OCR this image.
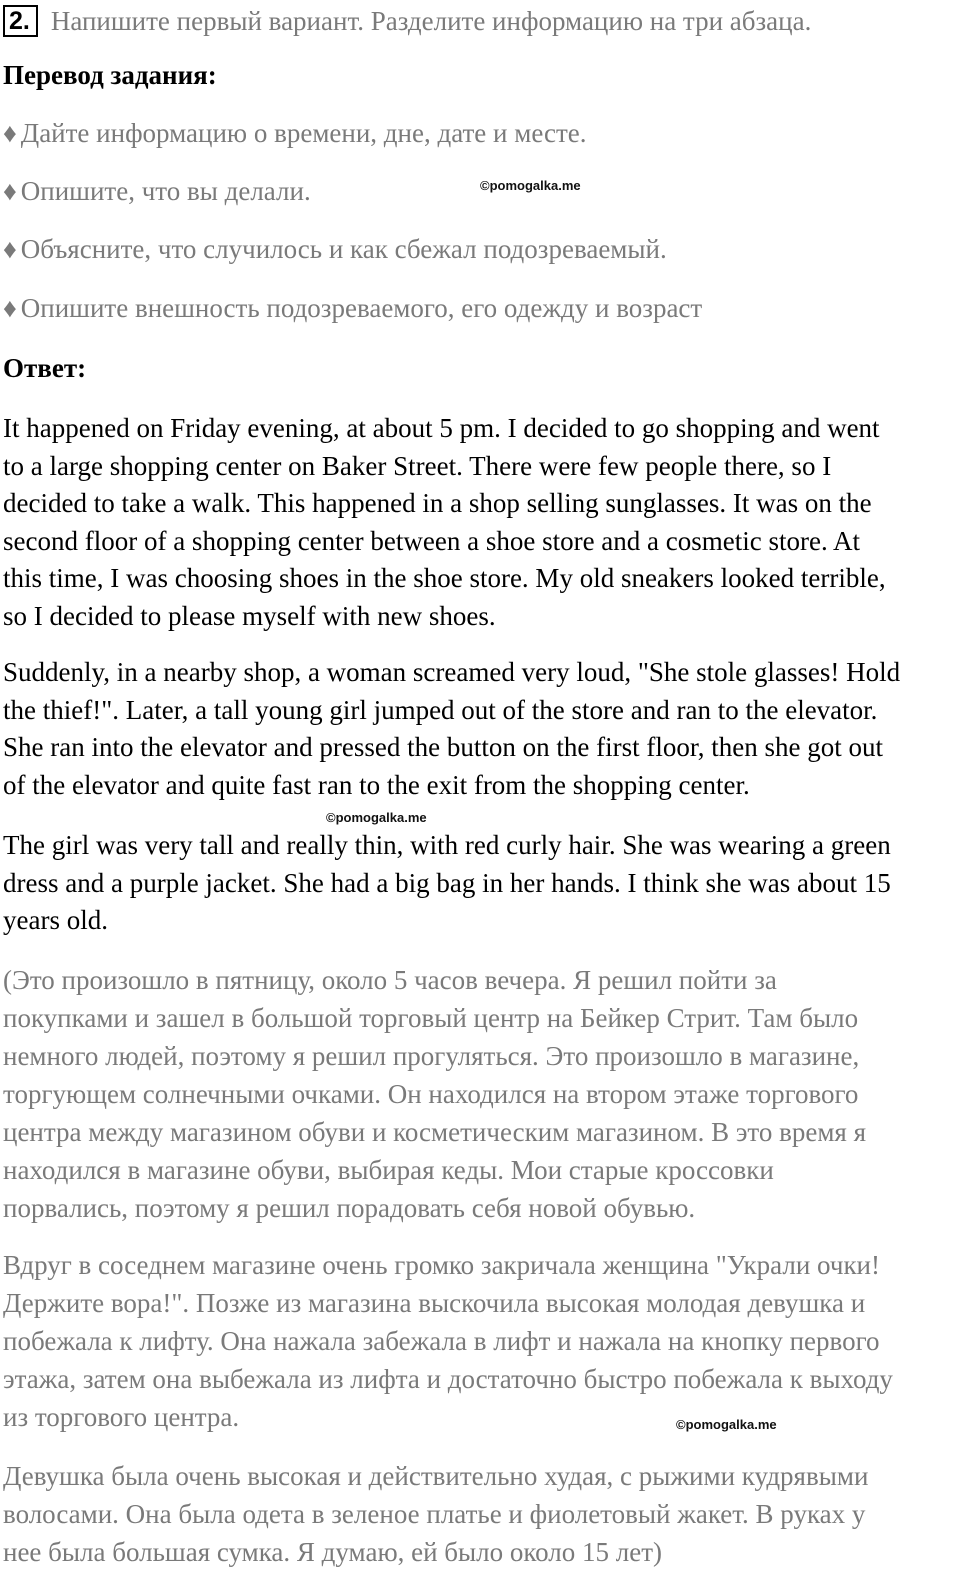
2. Напишите первый вариант. Разделите информацию на три абзаца.
Перевод задания:
♦ Дайте информацию о времени, дне, дате и месте.
♦ Опишите, что вы делали.
♦ Объясните, что случилось и как сбежал подозреваемый.
♦ Опишите внешность подозреваемого, его одежду и возраст
©pomogalka.me
Ответ:
It happened on Friday evening, at about 5 pm. I decided to go shopping and went
to a large shopping center on Baker Street. There were few people there, so I
decided to take a walk. This happened in a shop selling sunglasses. It was on the
second floor of a shopping center between a shoe store and a cosmetic store. At
this time, I was choosing shoes in the shoe store. My old sneakers looked terrible,
so I decided to please myself with new shoes.
Suddenly, in a nearby shop, a woman screamed very loud, "She stole glasses! Hold
the thief!". Later, a tall young girl jumped out of the store and ran to the elevator.
She ran into the elevator and pressed the button on the first floor, then she got out
of the elevator and quite fast ran to the exit from the shopping center.
©pomogalka.me
The girl was very tall and really thin, with red curly hair. She was wearing a green
dress and a purple jacket. She had a big bag in her hands. I think she was about 15
years old.
(Это произошло в пятницу, около 5 часов вечера. Я решил пойти за
покупками и зашел в большой торговый центр на Бейкер Стрит. Там было
немного людей, поэтому я решил прогуляться. Это произошло в магазине,
торгующем солнечными очками. Он находился на втором этаже торгового
центра между магазином обуви и косметическим магазином. В это время я
находился в магазине обуви, выбирая кеды. Мои старые кроссовки
порвались, поэтому я решил порадовать себя новой обувью.
Вдруг в соседнем магазине очень громко закричала женщина "Украли очки!
Держите вора!". Позже из магазина выскочила высокая молодая девушка и
побежала к лифту. Она нажала забежала в лифт и нажала на кнопку первого
этажа, затем она выбежала из лифта и достаточно быстро побежала к выходу
из торгового центра.	©pomogalka.me
Девушка была очень высокая и действительно худая, с рыжими кудрявыми
волосами. Она была одета в зеленое платье и фиолетовый жакет. В руках у
нее была большая сумка. Я думаю, ей было около 15 лет)
